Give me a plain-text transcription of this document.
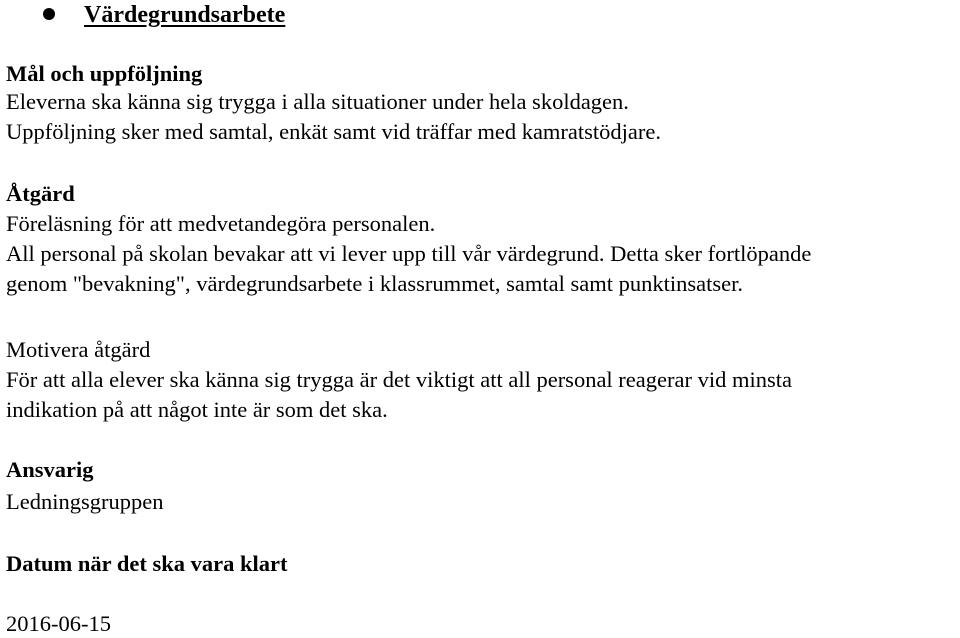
Värdegrundsarbete
Mål och uppföljning
Eleverna ska känna sig trygga i alla situationer under hela skoldagen.
Uppföljning sker med samtal, enkät samt vid träffar med kamratstödjare.
Åtgärd
Föreläsning för att medvetandegöra personalen.
All personal på skolan bevakar att vi lever upp till vår värdegrund. Detta sker fortlöpande
genom "bevakning", värdegrundsarbete i klassrummet, samtal samt punktinsatser.
Motivera åtgärd
För att alla elever ska känna sig trygga är det viktigt att all personal reagerar vid minsta
indikation på att något inte är som det ska.
Ansvarig
Ledningsgruppen
Datum när det ska vara klart
2016-06-15
